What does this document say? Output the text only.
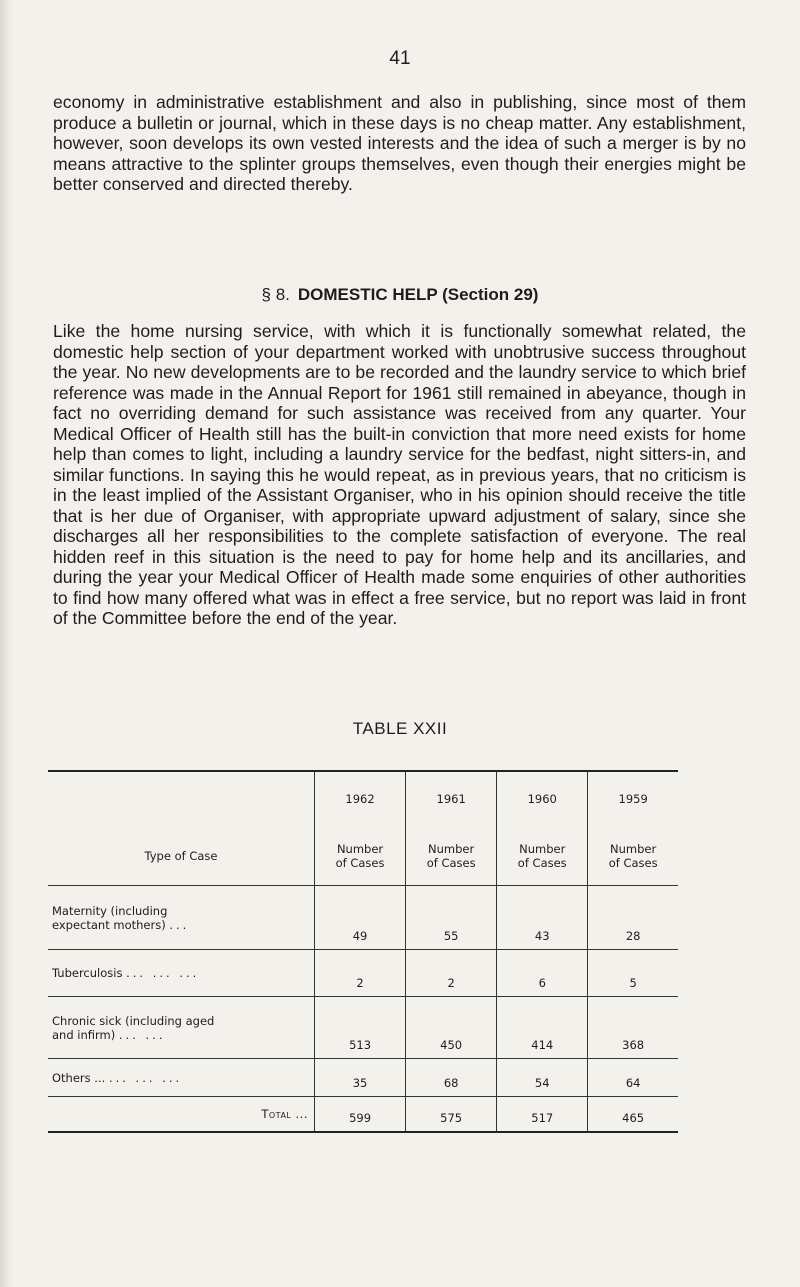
41

economy in administrative establishment and also in publishing, since most of them produce a bulletin or journal, which in these days is no cheap matter. Any establishment, however, soon develops its own vested interests and the idea of such a merger is by no means attractive to the splinter groups themselves, even though their energies might be better conserved and directed thereby.

§ 8. DOMESTIC HELP (Section 29)

Like the home nursing service, with which it is functionally somewhat related, the domestic help section of your department worked with unobtrusive success throughout the year. No new developments are to be recorded and the laundry service to which brief reference was made in the Annual Report for 1961 still remained in abeyance, though in fact no overriding demand for such assistance was received from any quarter. Your Medical Officer of Health still has the built-in conviction that more need exists for home help than comes to light, including a laundry service for the bedfast, night sitters-in, and similar functions. In saying this he would repeat, as in previous years, that no criticism is in the least implied of the Assistant Organiser, who in his opinion should receive the title that is her due of Organiser, with appropriate upward adjustment of salary, since she discharges all her responsibilities to the complete satisfaction of everyone. The real hidden reef in this situation is the need to pay for home help and its ancillaries, and during the year your Medical Officer of Health made some enquiries of other authorities to find how many offered what was in effect a free service, but no report was laid in front of the Committee before the end of the year.

TABLE XXII
Type of Case	1962	1961	1960	1959
	Number
of Cases	Number
of Cases	Number
of Cases	Number
of Cases
Maternity (including
expectant mothers) ...	49	55	43	28
Tuberculosis ... ... ...	2	2	6	5
Chronic sick (including aged
and infirm) ... ...	513	450	414	368
Others ... ... ... ...	35	68	54	64
Total ...	599	575	517	465
